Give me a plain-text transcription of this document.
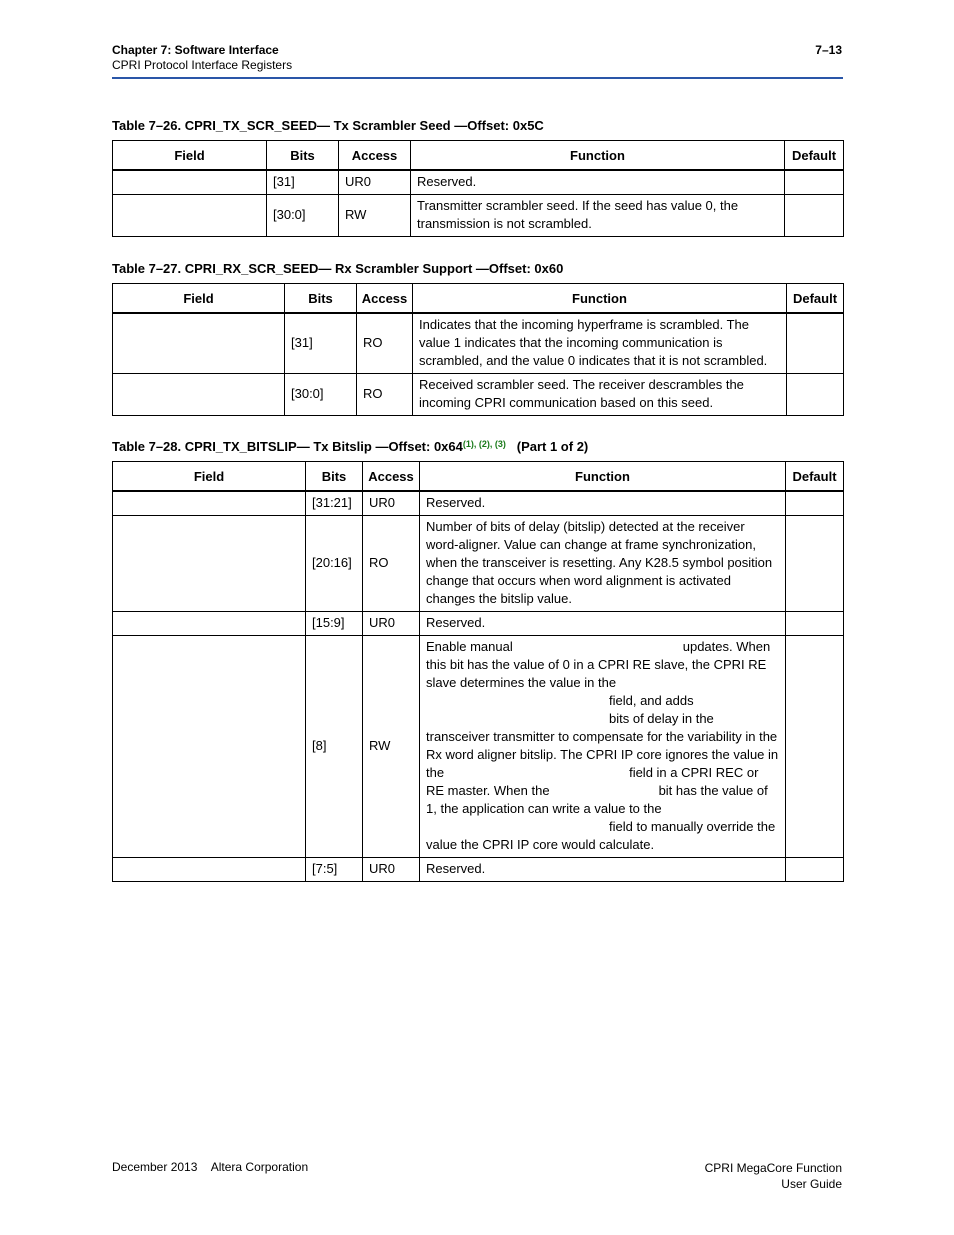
Chapter 7: Software Interface
CPRI Protocol Interface Registers
7–13
Table 7–26. CPRI_TX_SCR_SEED— Tx Scrambler Seed —Offset: 0x5C
Field	Bits	Access	Function	Default
	[31]	UR0	Reserved.	
	[30:0]	RW	Transmitter scrambler seed. If the seed has value 0, the transmission is not scrambled.	
Table 7–27. CPRI_RX_SCR_SEED— Rx Scrambler Support —Offset: 0x60
Field	Bits	Access	Function	Default
	[31]	RO	Indicates that the incoming hyperframe is scrambled. The value 1 indicates that the incoming communication is scrambled, and the value 0 indicates that it is not scrambled.	
	[30:0]	RO	Received scrambler seed. The receiver descrambles the incoming CPRI communication based on this seed.	
Table 7–28. CPRI_TX_BITSLIP— Tx Bitslip —Offset: $0x64^{(1), (2), (3)}$ (Part 1 of 2)
Field	Bits	Access	Function	Default
	[31:21]	UR0	Reserved.	
	[20:16]	RO	Number of bits of delay (bitslip) detected at the receiver word-aligner. Value can change at frame synchronization, when the transceiver is resetting. Any K28.5 symbol position change that occurs when word alignment is activated changes the bitslip value.	
	[15:9]	UR0	Reserved.	
	[8]	RW	Enable manual updates. When this bit has the value of 0 in a CPRI RE slave, the CPRI RE slave determines the value in the
field, and adds
bits of delay in the transceiver transmitter to compensate for the variability in the Rx word aligner bitslip. The CPRI IP core ignores the value in the field in a CPRI REC or RE master. When the bit has the value of 1, the application can write a value to the
field to manually override the value the CPRI IP core would calculate.	
	[7:5]	UR0	Reserved.	
December 2013 Altera Corporation	CPRI MegaCore Function
User Guide
